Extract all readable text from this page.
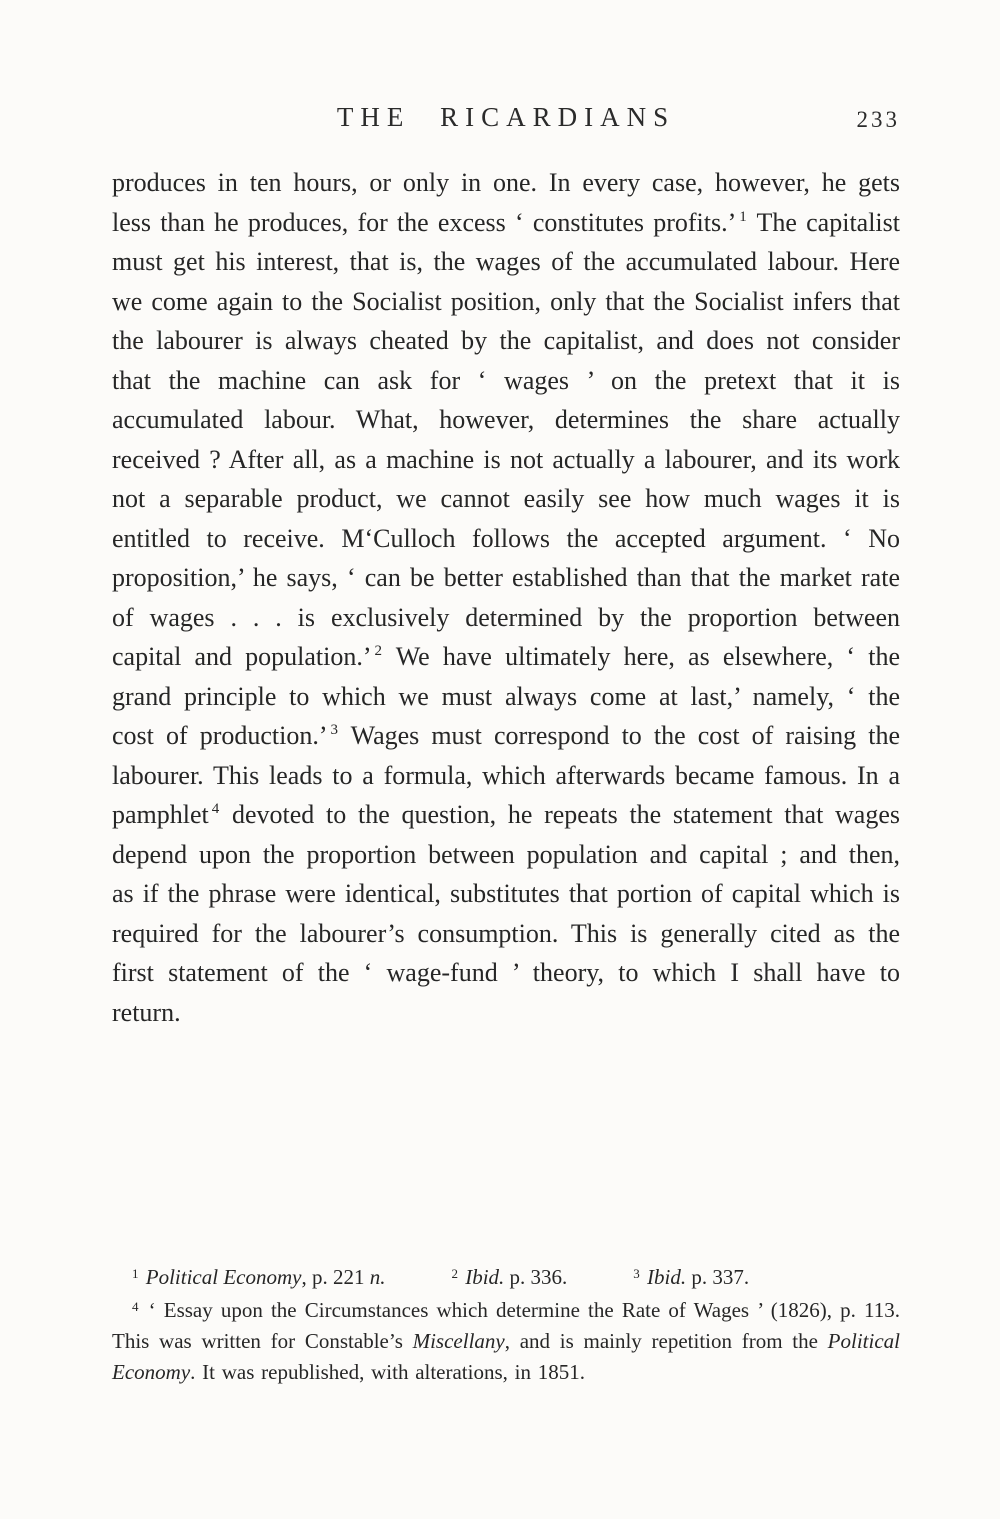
THE RICARDIANS	233

produces in ten hours, or only in one. In every case, however, he gets less than he produces, for the excess ‘ constitutes profits.’ $^1$ The capitalist must get his interest, that is, the wages of the accumulated labour. Here we come again to the Socialist position, only that the Socialist infers that the labourer is always cheated by the capitalist, and does not consider that the machine can ask for ‘ wages ’ on the pretext that it is accumulated labour. What, however, determines the share actually received ? After all, as a machine is not actually a labourer, and its work not a separable product, we cannot easily see how much wages it is entitled to receive. M‘Culloch follows the accepted argument. ‘ No proposition,’ he says, ‘ can be better established than that the market rate of wages . . . is exclusively determined by the proportion between capital and population.’ $^2$ We have ultimately here, as elsewhere, ‘ the grand principle to which we must always come at last,’ namely, ‘ the cost of production.’ $^3$ Wages must correspond to the cost of raising the labourer. This leads to a formula, which afterwards became famous. In a pamphlet $^4$ devoted to the question, he repeats the statement that wages depend upon the proportion between population and capital ; and then, as if the phrase were identical, substitutes that portion of capital which is required for the labourer’s consumption. This is generally cited as the first statement of the ‘ wage-fund ’ theory, to which I shall have to return.

$^1$ Political Economy, p. 221 n.	$^2$ Ibid. p. 336.	$^3$ Ibid. p. 337.

$^4$ ‘ Essay upon the Circumstances which determine the Rate of Wages ’ (1826), p. 113. This was written for Constable’s Miscellany, and is mainly repetition from the Political Economy. It was republished, with alterations, in 1851.
